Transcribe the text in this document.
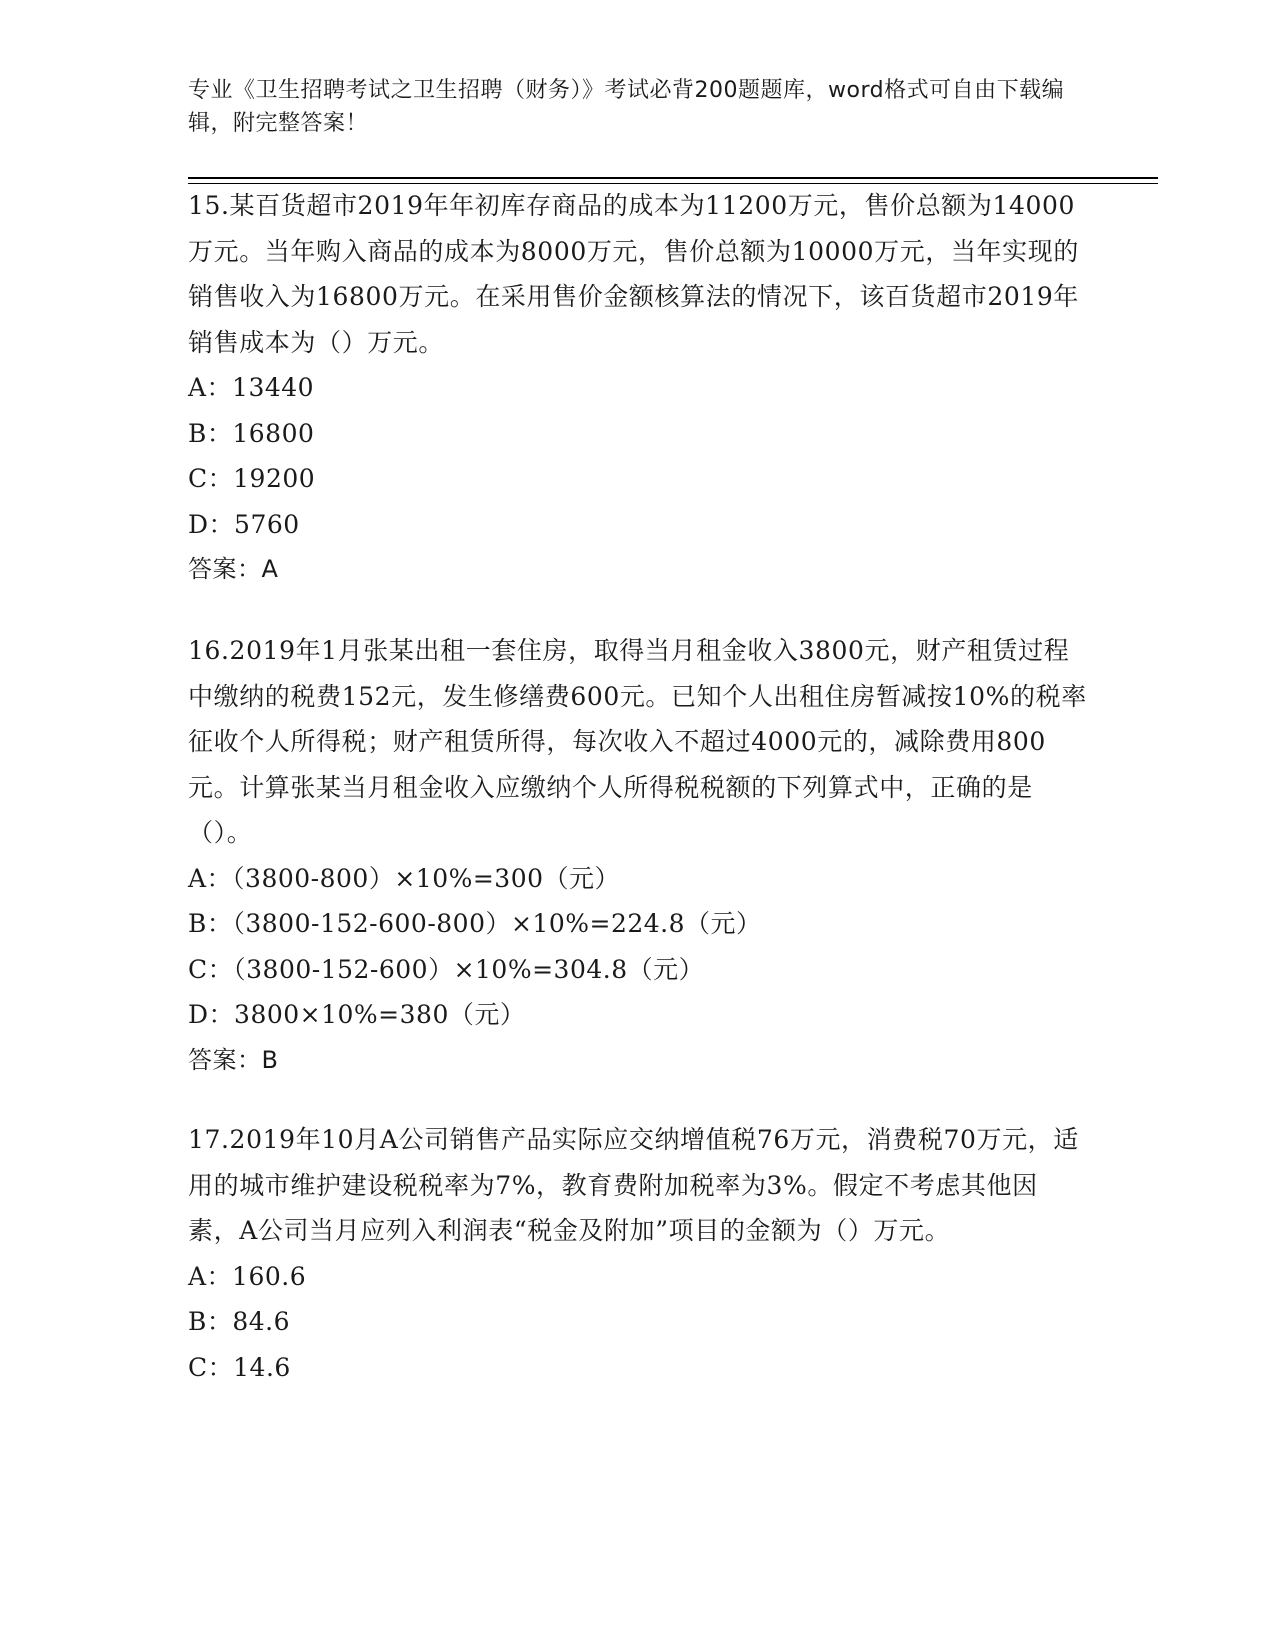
专业《卫生招聘考试之卫生招聘（财务）》考试必背200题题库，word格式可自由下载编辑，附完整答案！

15.某百货超市2019年年初库存商品的成本为11200万元，售价总额为14000万元。当年购入商品的成本为8000万元，售价总额为10000万元，当年实现的销售收入为16800万元。在采用售价金额核算法的情况下，该百货超市2019年销售成本为（）万元。

A：13440

B：16800

C：19200

D：5760

答案：A

16.2019年1月张某出租一套住房，取得当月租金收入3800元，财产租赁过程中缴纳的税费152元，发生修缮费600元。已知个人出租住房暂减按10%的税率征收个人所得税；财产租赁所得，每次收入不超过4000元的，减除费用800元。计算张某当月租金收入应缴纳个人所得税税额的下列算式中，正确的是（）。

A：（3800-800）×10%=300（元）

B：（3800-152-600-800）×10%=224.8（元）

C：（3800-152-600）×10%=304.8（元）

D：3800×10%=380（元）

答案：B

17.2019年10月A公司销售产品实际应交纳增值税76万元，消费税70万元，适用的城市维护建设税税率为7%，教育费附加税率为3%。假定不考虑其他因素，A公司当月应列入利润表“税金及附加”项目的金额为（）万元。

A：160.6

B：84.6

C：14.6
